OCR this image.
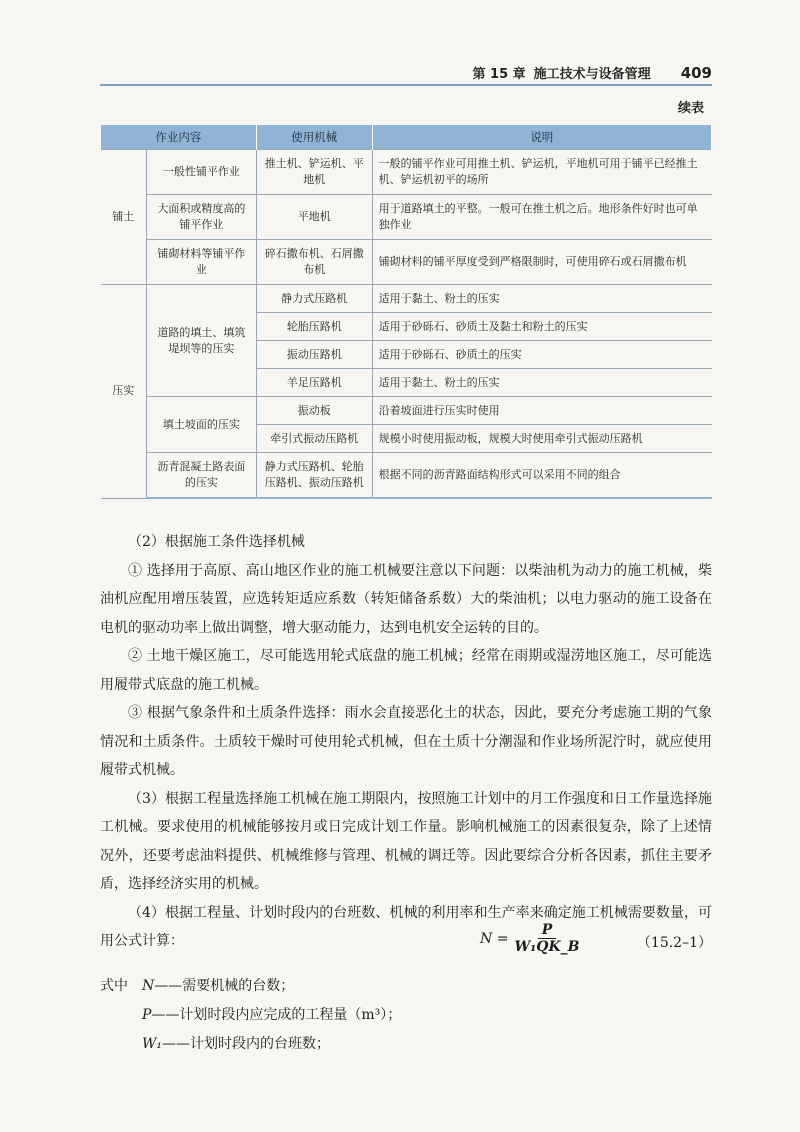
第 15 章 施工技术与设备管理 409
续表
作业内容		使用机械	说明
铺土	一般性铺平作业	推土机、铲运机、平地机	一般的铺平作业可用推土机、铲运机，平地机可用于铺平已经推土机、铲运机初平的场所
	大面积或精度高的铺平作业	平地机	用于道路填土的平整。一般可在推土机之后。地形条件好时也可单独作业
	铺砌材料等铺平作业	碎石撒布机、石屑撒布机	铺砌材料的铺平厚度受到严格限制时，可使用碎石或石屑撒布机
压实	道路的填土、填筑堤坝等的压实	静力式压路机	适用于黏土、粉土的压实
		轮胎压路机	适用于砂砾石、砂质土及黏土和粉土的压实
		振动压路机	适用于砂砾石、砂质土的压实
		羊足压路机	适用于黏土、粉土的压实
	填土坡面的压实	振动板	沿着坡面进行压实时使用
		牵引式振动压路机	规模小时使用振动板，规模大时使用牵引式振动压路机
	沥青混凝土路表面的压实	静力式压路机、轮胎压路机、振动压路机	根据不同的沥青路面结构形式可以采用不同的组合

（2）根据施工条件选择机械

① 选择用于高原、高山地区作业的施工机械要注意以下问题：以柴油机为动力的施工机械，柴油机应配用增压装置，应选转矩适应系数（转矩储备系数）大的柴油机；以电力驱动的施工设备在电机的驱动功率上做出调整，增大驱动能力，达到电机安全运转的目的。

② 土地干燥区施工，尽可能选用轮式底盘的施工机械；经常在雨期或湿涝地区施工，尽可能选用履带式底盘的施工机械。

③ 根据气象条件和土质条件选择：雨水会直接恶化土的状态，因此，要充分考虑施工期的气象情况和土质条件。土质较干燥时可使用轮式机械，但在土质十分潮湿和作业场所泥泞时，就应使用履带式机械。

（3）根据工程量选择施工机械在施工期限内，按照施工计划中的月工作强度和日工作量选择施工机械。要求使用的机械能够按月或日完成计划工作量。影响机械施工的因素很复杂，除了上述情况外，还要考虑油料提供、机械维修与管理、机械的调迁等。因此要综合分析各因素，抓住主要矛盾，选择经济实用的机械。

（4）根据工程量、计划时段内的台班数、机械的利用率和生产率来确定施工机械需要数量，可用公式计算：	$N = \frac{P}{\text{W₁QK\_B}}$	（15.2–1）
式中 N——需要机械的台数；
P——计划时段内应完成的工程量（m³）；
W₁——计划时段内的台班数；
